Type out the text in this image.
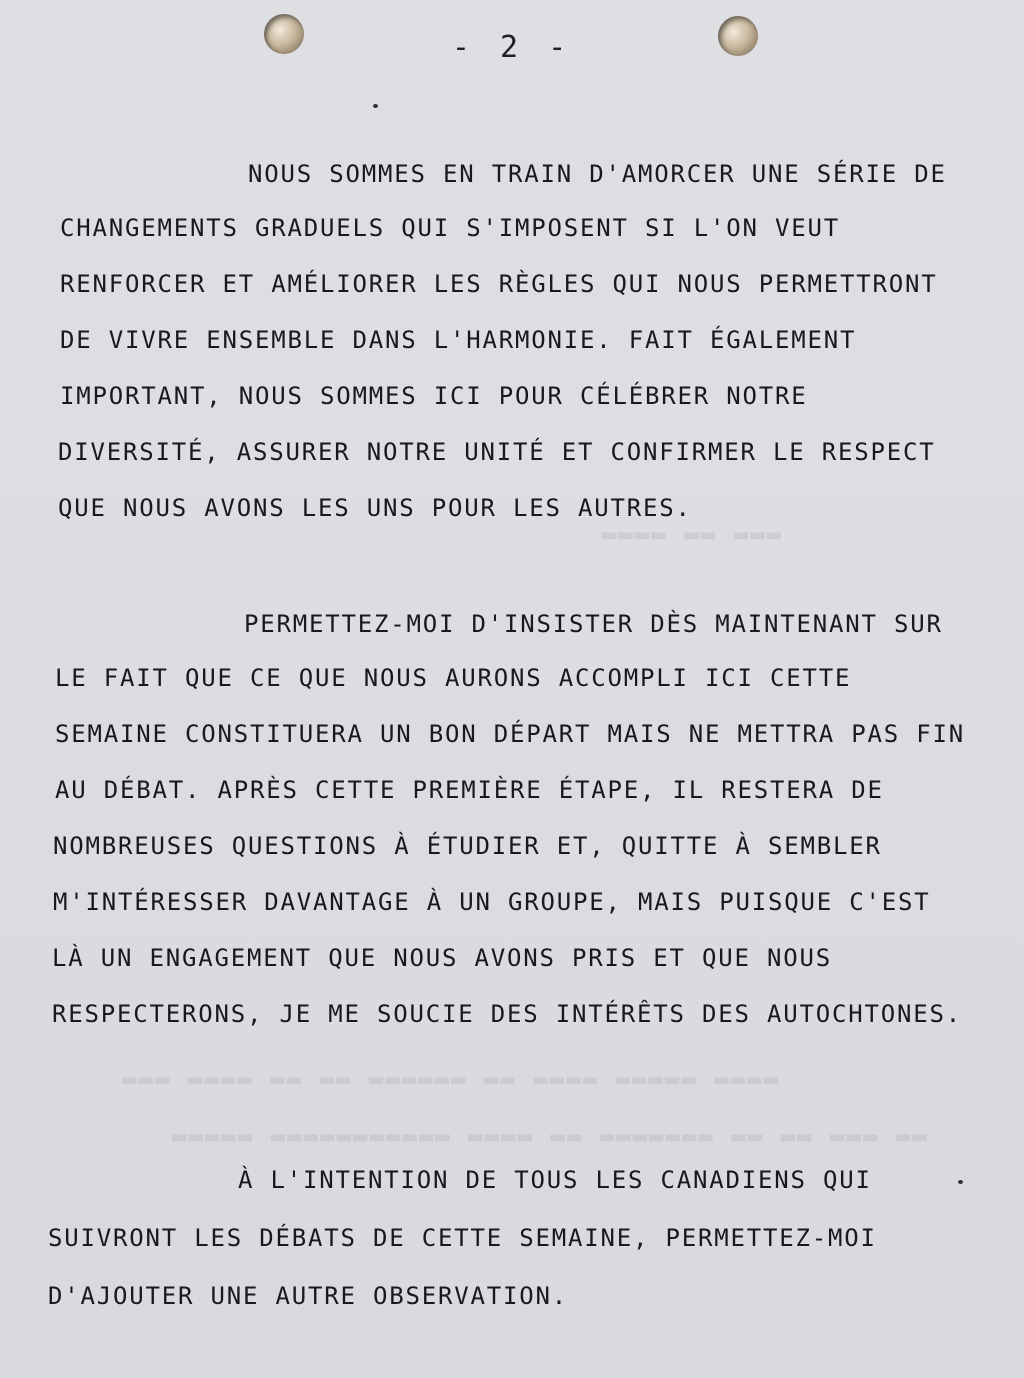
- 2 -
▬▬▬ ▬▬ ▬▬▬▬
▬▬▬▬ ▬▬▬▬▬ ▬▬▬▬ ▬▬ ▬▬▬▬▬▬ ▬▬ ▬▬ ▬▬▬▬ ▬▬▬
▬▬ ▬▬▬ ▬▬ ▬▬ ▬▬▬▬▬▬▬ ▬▬ ▬▬▬▬ ▬▬▬▬▬▬▬▬▬▬▬ ▬▬▬▬▬
NOUS SOMMES EN TRAIN D'AMORCER UNE SÉRIE DE
CHANGEMENTS GRADUELS QUI S'IMPOSENT SI L'ON VEUT
RENFORCER ET AMÉLIORER LES RÈGLES QUI NOUS PERMETTRONT
DE VIVRE ENSEMBLE DANS L'HARMONIE. FAIT ÉGALEMENT
IMPORTANT, NOUS SOMMES ICI POUR CÉLÉBRER NOTRE
DIVERSITÉ, ASSURER NOTRE UNITÉ ET CONFIRMER LE RESPECT
QUE NOUS AVONS LES UNS POUR LES AUTRES.
PERMETTEZ-MOI D'INSISTER DÈS MAINTENANT SUR
LE FAIT QUE CE QUE NOUS AURONS ACCOMPLI ICI CETTE
SEMAINE CONSTITUERA UN BON DÉPART MAIS NE METTRA PAS FIN
AU DÉBAT. APRÈS CETTE PREMIÈRE ÉTAPE, IL RESTERA DE
NOMBREUSES QUESTIONS À ÉTUDIER ET, QUITTE À SEMBLER
M'INTÉRESSER DAVANTAGE À UN GROUPE, MAIS PUISQUE C'EST
LÀ UN ENGAGEMENT QUE NOUS AVONS PRIS ET QUE NOUS
RESPECTERONS, JE ME SOUCIE DES INTÉRÊTS DES AUTOCHTONES.
À L'INTENTION DE TOUS LES CANADIENS QUI
SUIVRONT LES DÉBATS DE CETTE SEMAINE, PERMETTEZ-MOI
D'AJOUTER UNE AUTRE OBSERVATION.
